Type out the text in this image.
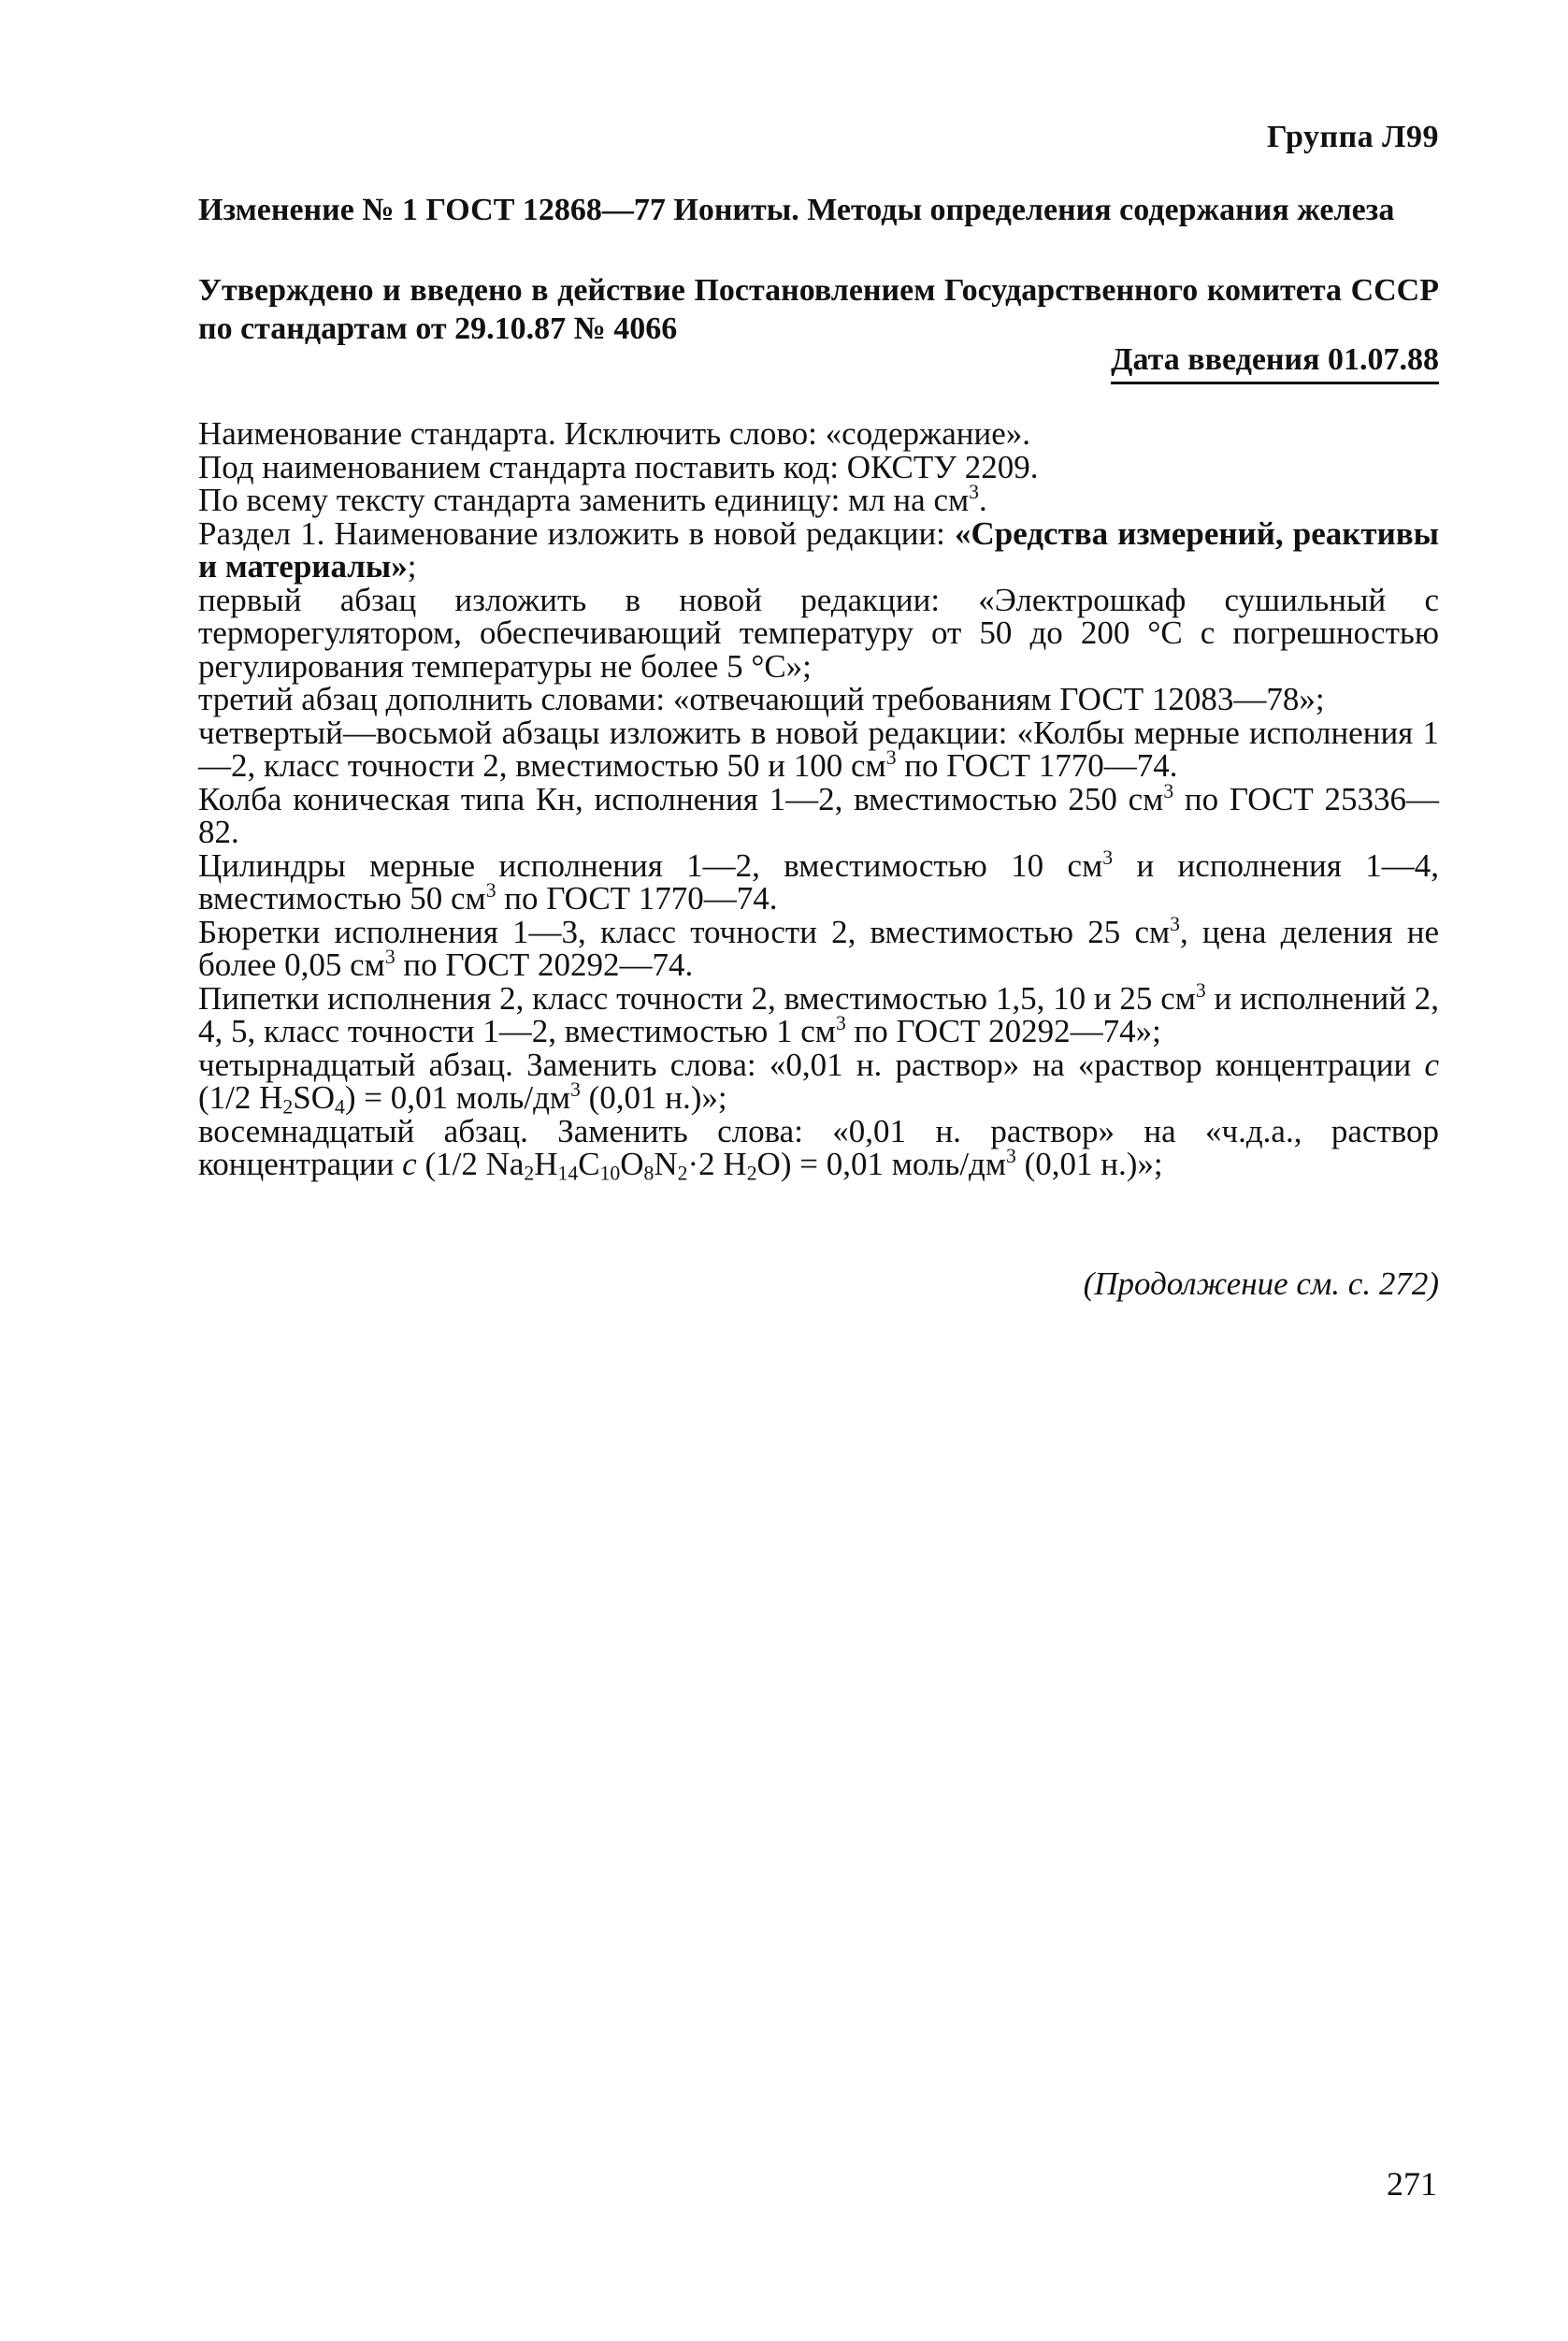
Группа Л99
Изменение № 1 ГОСТ 12868—77 Иониты. Методы определения содержания железа
Утверждено и введено в действие Постановлением Государственного комитета СССР по стандартам от 29.10.87 № 4066
Дата введения 01.07.88

Наименование стандарта. Исключить слово: «содержание».

Под наименованием стандарта поставить код: ОКСТУ 2209.

По всему тексту стандарта заменить единицу: мл на $см^3$.

Раздел 1. Наименование изложить в новой редакции: «Средства измерений, реактивы и материалы»;

первый абзац изложить в новой редакции: «Электрошкаф сушильный с терморегулятором, обеспечивающий температуру от 50 до 200 °С с погрешностью регулирования температуры не более 5 °С»;

третий абзац дополнить словами: «отвечающий требованиям ГОСТ 12083—78»;

четвертый—восьмой абзацы изложить в новой редакции: «Колбы мерные исполнения 1—2, класс точности 2, вместимостью 50 и 100 $см^3$ по ГОСТ 1770—74.

Колба коническая типа Кн, исполнения 1—2, вместимостью 250 $см^3$ по ГОСТ 25336—82.

Цилиндры мерные исполнения 1—2, вместимостью 10 $см^3$ и исполнения 1—4, вместимостью 50 $см^3$ по ГОСТ 1770—74.

Бюретки исполнения 1—3, класс точности 2, вместимостью 25 $см^3$, цена деления не более 0,05 $см^3$ по ГОСТ 20292—74.

Пипетки исполнения 2, класс точности 2, вместимостью 1,5, 10 и 25 $см^3$ и исполнений 2, 4, 5, класс точности 1—2, вместимостью 1 $см^3$ по ГОСТ 20292—74»;

четырнадцатый абзац. Заменить слова: «0,01 н. раствор» на «раствор концентрации с (1/2 $H_2SO_4) = 0,01$ моль/$дм^3$ (0,01 н.)»;

восемнадцатый абзац. Заменить слова: «0,01 н. раствор» на «ч.д.а., раствор концентрации с (1/2 $Na_2H_{14}C_{10}O_8N_2\cdot 2$ $H_2O) = 0,01$ моль/$дм^3$ (0,01 н.)»;

(Продолжение см. с. 272)
271
